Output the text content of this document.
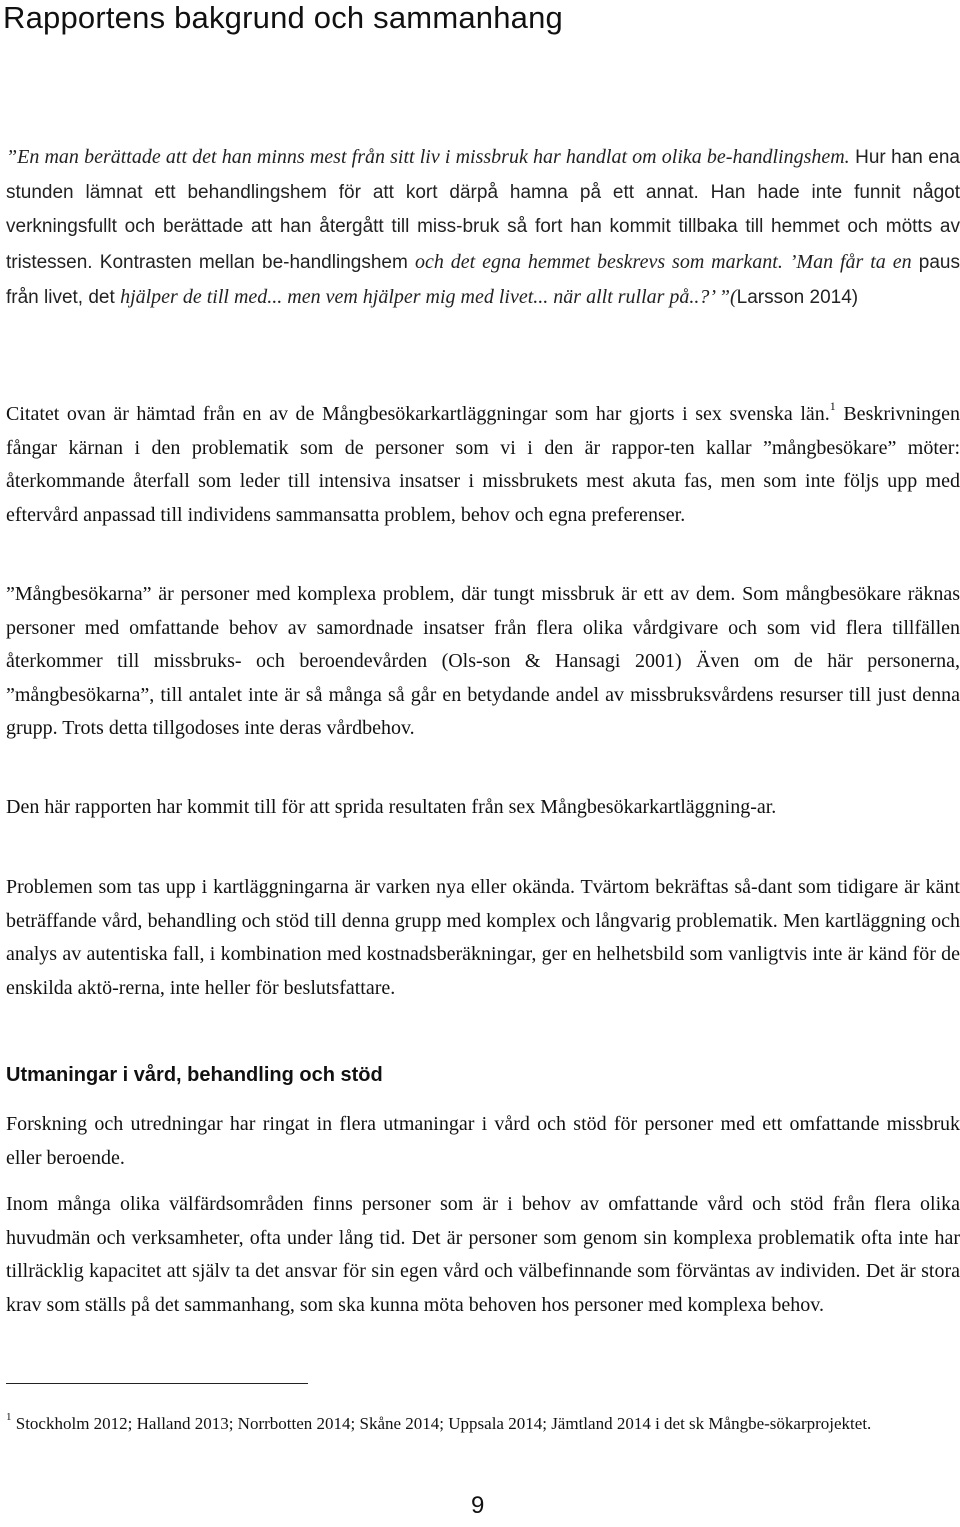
Rapportens bakgrund och sammanhang

”En man berättade att det han minns mest från sitt liv i missbruk har handlat om olika be-handlingshem. Hur han ena stunden lämnat ett behandlingshem för att kort därpå hamna på ett annat. Han hade inte funnit något verkningsfullt och berättade att han återgått till miss-bruk så fort han kommit tillbaka till hemmet och mötts av tristessen. Kontrasten mellan be-handlingshem och det egna hemmet beskrevs som markant. ’Man får ta en paus från livet, det hjälper de till med... men vem hjälper mig med livet... när allt rullar på..?’ ”(Larsson 2014)

Citatet ovan är hämtad från en av de Mångbesökarkartläggningar som har gjorts i sex svenska län.$^1$ Beskrivningen fångar kärnan i den problematik som de personer som vi i den är rappor-ten kallar ”mångbesökare” möter: återkommande återfall som leder till intensiva insatser i missbrukets mest akuta fas, men som inte följs upp med eftervård anpassad till individens sammansatta problem, behov och egna preferenser.

”Mångbesökarna” är personer med komplexa problem, där tungt missbruk är ett av dem. Som mångbesökare räknas personer med omfattande behov av samordnade insatser från flera olika vårdgivare och som vid flera tillfällen återkommer till missbruks- och beroendevården (Ols-son & Hansagi 2001) Även om de här personerna, ”mångbesökarna”, till antalet inte är så många så går en betydande andel av missbruksvårdens resurser till just denna grupp. Trots detta tillgodoses inte deras vårdbehov.

Den här rapporten har kommit till för att sprida resultaten från sex Mångbesökarkartläggning-ar.

Problemen som tas upp i kartläggningarna är varken nya eller okända. Tvärtom bekräftas så-dant som tidigare är känt beträffande vård, behandling och stöd till denna grupp med komplex och långvarig problematik. Men kartläggning och analys av autentiska fall, i kombination med kostnadsberäkningar, ger en helhetsbild som vanligtvis inte är känd för de enskilda aktö-rerna, inte heller för beslutsfattare.

Utmaningar i vård, behandling och stöd

Forskning och utredningar har ringat in flera utmaningar i vård och stöd för personer med ett omfattande missbruk eller beroende.

Inom många olika välfärdsområden finns personer som är i behov av omfattande vård och stöd från flera olika huvudmän och verksamheter, ofta under lång tid. Det är personer som genom sin komplexa problematik ofta inte har tillräcklig kapacitet att själv ta det ansvar för sin egen vård och välbefinnande som förväntas av individen. Det är stora krav som ställs på det sammanhang, som ska kunna möta behoven hos personer med komplexa behov.

$^1$ Stockholm 2012; Halland 2013; Norrbotten 2014; Skåne 2014; Uppsala 2014; Jämtland 2014 i det sk Mångbe-sökarprojektet.

9
